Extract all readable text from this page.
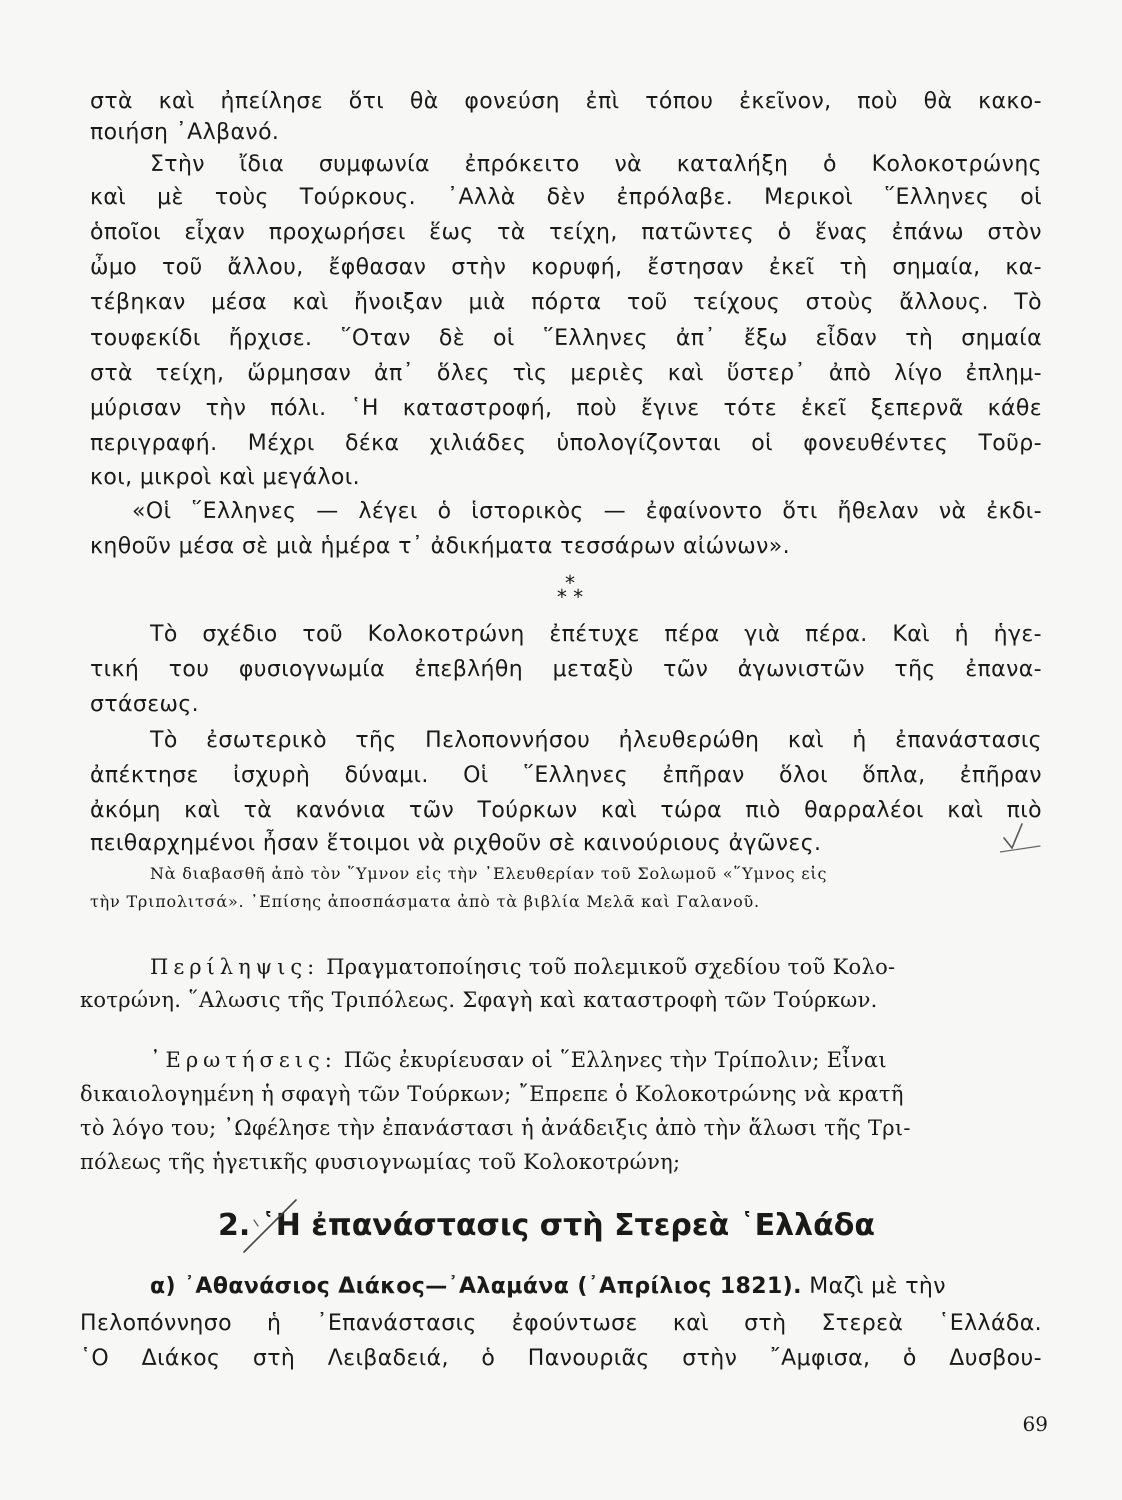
στὰ καὶ ἠπείλησε ὅτι θὰ φονεύση ἐπὶ τόπου ἐκεῖνον, ποὺ θὰ κακο-
ποιήση ᾿Αλβανό.
Στὴν ἴδια συμφωνία ἐπρόκειτο νὰ καταλήξη ὁ Κολοκοτρώνης
καὶ μὲ τοὺς Τούρκους. ᾿Αλλὰ δὲν ἐπρόλαβε. Μερικοὶ ῞Ελληνες οἱ
ὁποῖοι εἶχαν προχωρήσει ἕως τὰ τείχη, πατῶντες ὁ ἕνας ἐπάνω στὸν
ὦμο τοῦ ἄλλου, ἔφθασαν στὴν κορυφή, ἔστησαν ἐκεῖ τὴ σημαία, κα-
τέβηκαν μέσα καὶ ἤνοιξαν μιὰ πόρτα τοῦ τείχους στοὺς ἄλλους. Τὸ
τουφεκίδι ἤρχισε. ῞Οταν δὲ οἱ ῞Ελληνες ἀπ᾿ ἔξω εἶδαν τὴ σημαία
στὰ τείχη, ὥρμησαν ἀπ᾿ ὅλες τὶς μεριὲς καὶ ὕστερ᾿ ἀπὸ λίγο ἐπλημ-
μύρισαν τὴν πόλι. ῾Η καταστροφή, ποὺ ἔγινε τότε ἐκεῖ ξεπερνᾶ κάθε
περιγραφή. Μέχρι δέκα χιλιάδες ὑπολογίζονται οἱ φονευθέντες Τοῦρ-
κοι, μικροὶ καὶ μεγάλοι.
«Οἱ ῞Ελληνες — λέγει ὁ ἱστορικὸς — ἐφαίνοντο ὅτι ἤθελαν νὰ ἐκδι-
κηθοῦν μέσα σὲ μιὰ ἡμέρα τ᾿ ἀδικήματα τεσσάρων αἰώνων».
*
* *
Τὸ σχέδιο τοῦ Κολοκοτρώνη ἐπέτυχε πέρα γιὰ πέρα. Καὶ ἡ ἡγε-
τική του φυσιογνωμία ἐπεβλήθη μεταξὺ τῶν ἀγωνιστῶν τῆς ἐπανα-
στάσεως.
Τὸ ἐσωτερικὸ τῆς Πελοποννήσου ἠλευθερώθη καὶ ἡ ἐπανάστασις
ἀπέκτησε ἰσχυρὴ δύναμι. Οἱ ῞Ελληνες ἐπῆραν ὅλοι ὅπλα, ἐπῆραν
ἀκόμη καὶ τὰ κανόνια τῶν Τούρκων καὶ τώρα πιὸ θαρραλέοι καὶ πιὸ
πειθαρχημένοι ἦσαν ἕτοιμοι νὰ ριχθοῦν σὲ καινούριους ἀγῶνες.
Νὰ διαβασθῆ ἀπὸ τὸν ῞Υμνον εἰς τὴν ᾿Ελευθερίαν τοῦ Σολωμοῦ «῞Υμνος εἰς
τὴν Τριπολιτσά». ᾿Επίσης ἀποσπάσματα ἀπὸ τὰ βιβλία Μελᾶ καὶ Γαλανοῦ.
Περίληψις: Πραγματοποίησις τοῦ πολεμικοῦ σχεδίου τοῦ Κολο-
κοτρώνη. ῞Αλωσις τῆς Τριπόλεως. Σφαγὴ καὶ καταστροφὴ τῶν Τούρκων.
᾿Ερωτήσεις: Πῶς ἐκυρίευσαν οἱ ῞Ελληνες τὴν Τρίπολιν; Εἶναι
δικαιολογημένη ἡ σφαγὴ τῶν Τούρκων; ῎Επρεπε ὁ Κολοκοτρώνης νὰ κρατῆ
τὸ λόγο του; ᾿Ωφέλησε τὴν ἐπανάστασι ἡ ἀνάδειξις ἀπὸ τὴν ἅλωσι τῆς Τρι-
πόλεως τῆς ἡγετικῆς φυσιογνωμίας τοῦ Κολοκοτρώνη;
2. ῾Η ἐπανάστασις στὴ Στερεὰ ῾Ελλάδα
α) ᾿Αθανάσιος Διάκος—᾿Αλαμάνα (᾿Απρίλιος 1821). Μαζὶ μὲ τὴν
Πελοπόννησο ἡ ᾿Επανάστασις ἐφούντωσε καὶ στὴ Στερεὰ ῾Ελλάδα.
῾Ο Διάκος στὴ Λειβαδειά, ὁ Πανουριᾶς στὴν ῎Αμφισα, ὁ Δυσβου-
69
